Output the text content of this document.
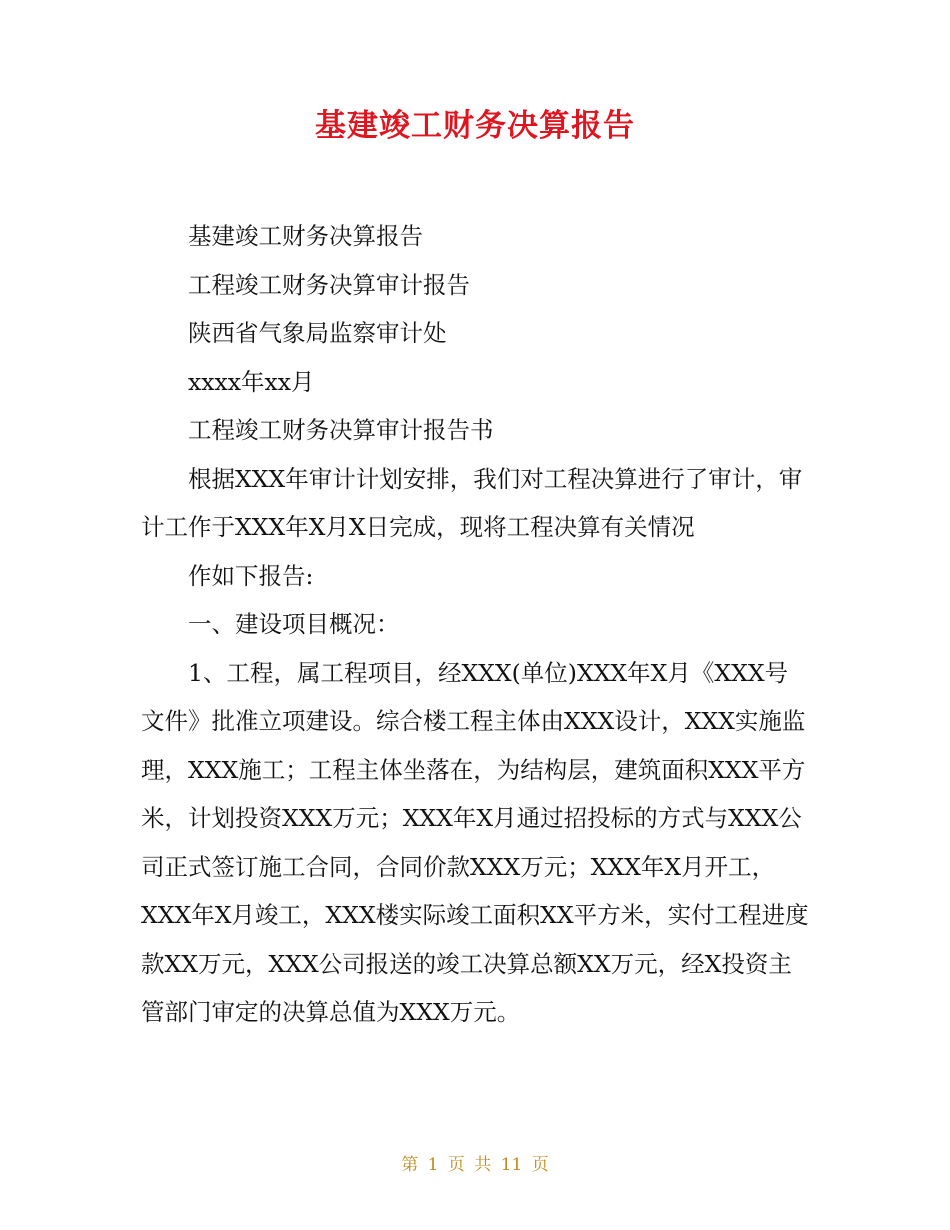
基建竣工财务决算报告

基建竣工财务决算报告

工程竣工财务决算审计报告

陕西省气象局监察审计处

xxxx年xx月

工程竣工财务决算审计报告书

根据XXX年审计计划安排，我们对工程决算进行了审计，审计工作于XXX年X月X日完成，现将工程决算有关情况

作如下报告:

一、建设项目概况：

1、工程，属工程项目，经XXX(单位)XXX年X月《XXX号文件》批准立项建设。综合楼工程主体由XXX设计，XXX实施监理，XXX施工；工程主体坐落在，为结构层，建筑面积XXX平方米，计划投资XXX万元；XXX年X月通过招投标的方式与XXX公司正式签订施工合同，合同价款XXX万元；XXX年X月开工，XXX年X月竣工，XXX楼实际竣工面积XX平方米，实付工程进度款XX万元，XXX公司报送的竣工决算总额XX万元，经X投资主管部门审定的决算总值为XXX万元。

第 1 页 共 11 页
